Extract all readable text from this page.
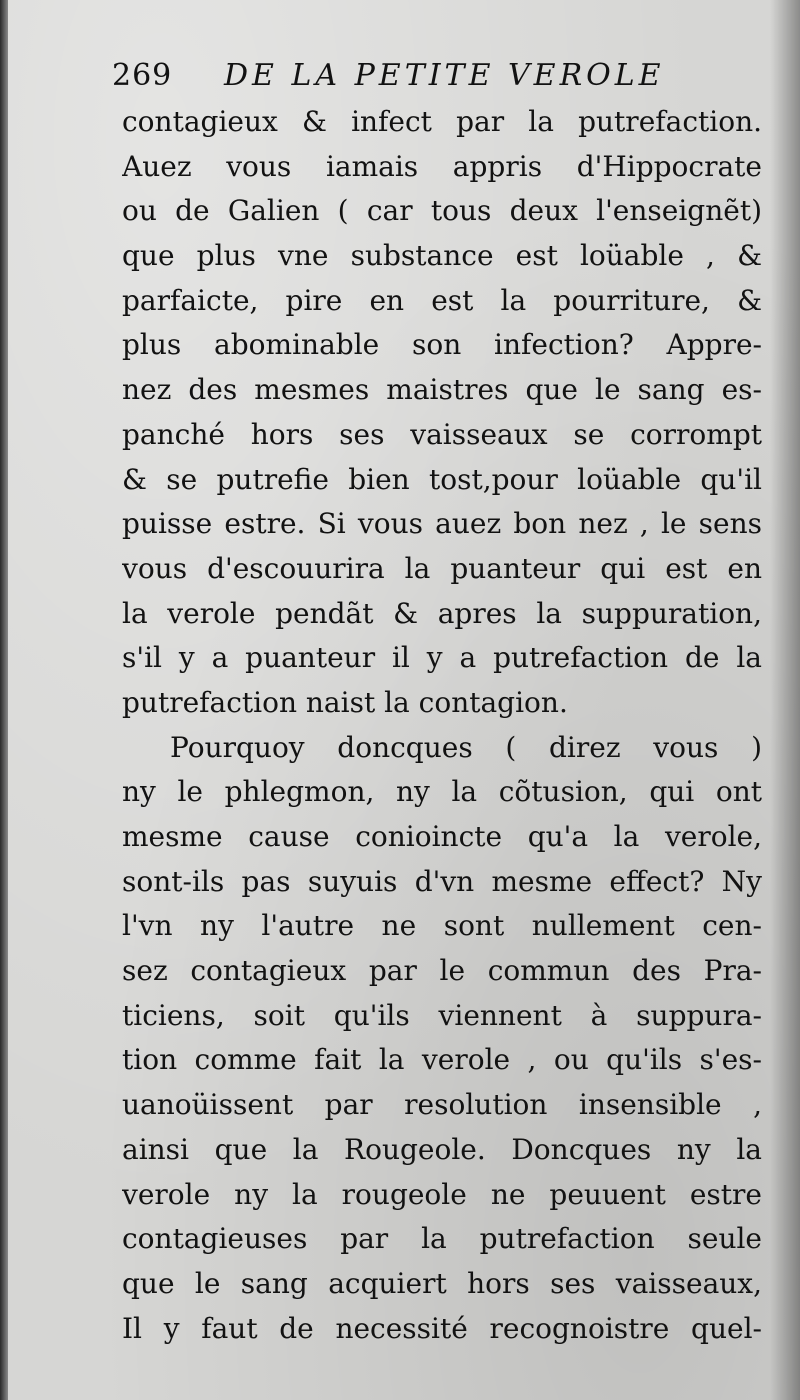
269 DE LA PETITE VEROLE
contagieux & infect par la putrefaction.
Auez vous iamais appris d'Hippocrate
ou de Galien ( car tous deux l'enseignẽt)
que plus vne substance est loüable , &
parfaicte, pire en est la pourriture, &
plus abominable son infection? Appre-
nez des mesmes maistres que le sang es-
panché hors ses vaisseaux se corrompt
& se putrefie bien tost,pour loüable qu'il
puisse estre. Si vous auez bon nez , le sens
vous d'escouurira la puanteur qui est en
la verole pendãt & apres la suppuration,
s'il y a puanteur il y a putrefaction de la
putrefaction naist la contagion.
Pourquoy doncques ( direz vous )
ny le phlegmon, ny la cõtusion, qui ont
mesme cause conioincte qu'a la verole,
sont-ils pas suyuis d'vn mesme effect? Ny
l'vn ny l'autre ne sont nullement cen-
sez contagieux par le commun des Pra-
ticiens, soit qu'ils viennent à suppura-
tion comme fait la verole , ou qu'ils s'es-
uanoüissent par resolution insensible ,
ainsi que la Rougeole. Doncques ny la
verole ny la rougeole ne peuuent estre
contagieuses par la putrefaction seule
que le sang acquiert hors ses vaisseaux,
Il y faut de necessité recognoistre quel-
